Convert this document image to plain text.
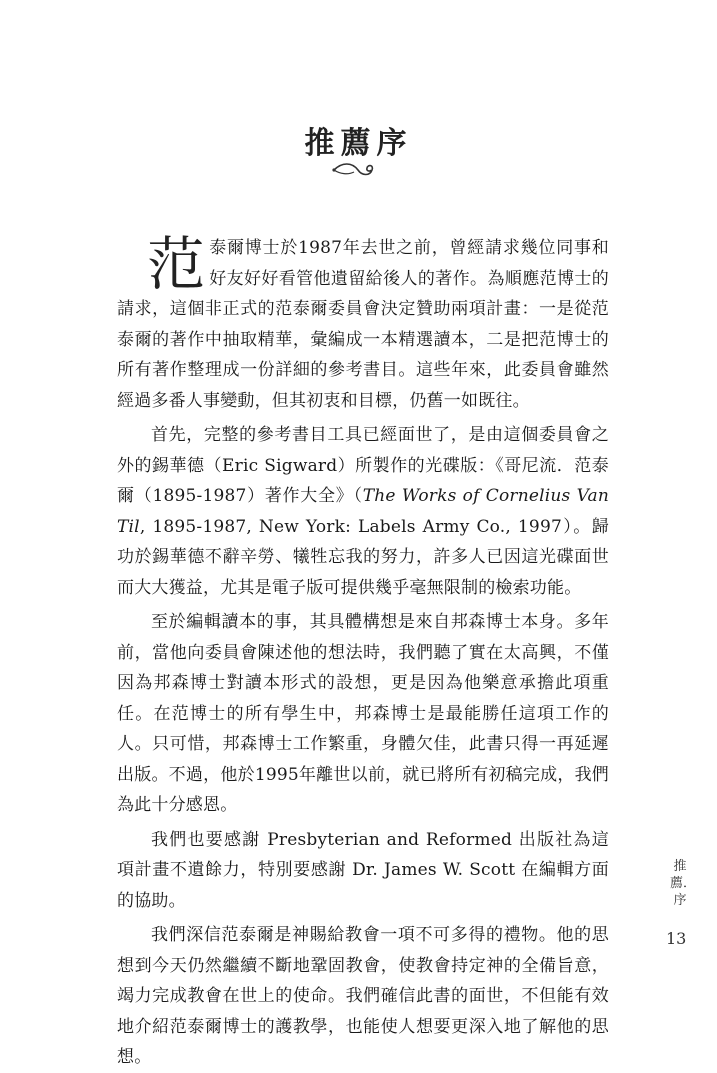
推薦序

范泰爾博士於1987年去世之前，曾經請求幾位同事和好友好好看管他遺留給後人的著作。為順應范博士的請求，這個非正式的范泰爾委員會決定贊助兩項計畫：一是從范泰爾的著作中抽取精華，彙編成一本精選讀本，二是把范博士的所有著作整理成一份詳細的參考書目。這些年來，此委員會雖然經過多番人事變動，但其初衷和目標，仍舊一如既往。

首先，完整的參考書目工具已經面世了，是由這個委員會之外的錫華德（Eric Sigward）所製作的光碟版：《哥尼流．范泰爾（1895-1987）著作大全》（The Works of Cornelius Van Til, 1895-1987, New York: Labels Army Co., 1997）。歸功於錫華德不辭辛勞、犧牲忘我的努力，許多人已因這光碟面世而大大獲益，尤其是電子版可提供幾乎毫無限制的檢索功能。

至於編輯讀本的事，其具體構想是來自邦森博士本身。多年前，當他向委員會陳述他的想法時，我們聽了實在太高興，不僅因為邦森博士對讀本形式的設想，更是因為他樂意承擔此項重任。在范博士的所有學生中，邦森博士是最能勝任這項工作的人。只可惜，邦森博士工作繁重，身體欠佳，此書只得一再延遲出版。不過，他於1995年離世以前，就已將所有初稿完成，我們為此十分感恩。

我們也要感謝 Presbyterian and Reformed 出版社為這項計畫不遺餘力，特別要感謝 Dr. James W. Scott 在編輯方面的協助。

我們深信范泰爾是神賜給教會一項不可多得的禮物。他的思想到今天仍然繼續不斷地鞏固教會，使教會持定神的全備旨意，竭力完成教會在世上的使命。我們確信此書的面世，不但能有效地介紹范泰爾博士的護教學，也能使人想要更深入地了解他的思想。

推薦．序
13
